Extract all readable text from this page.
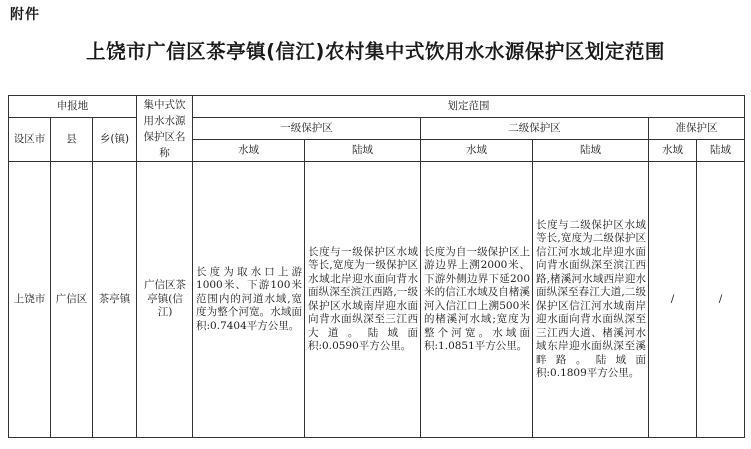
附件
上饶市广信区茶亭镇(信江)农村集中式饮用水水源保护区划定范围
申报地			集中式饮用水水源保护区名称	划定范围					
设区市	县	乡(镇)		一级保护区		二级保护区		准保护区	
				水域	陆域	水域	陆域	水域	陆域
上饶市	广信区	茶亭镇	广信区茶亭镇(信江)	长度为取水口上游1000米、下游100米范围内的河道水域,宽度为整个河宽。水域面积:0.7404平方公里。	长度与一级保护区水域等长,宽度为一级保护区水域北岸迎水面向背水面纵深至滨江西路,一级保护区水域南岸迎水面向背水面纵深至三江西大道。陆域面积:0.0590平方公里。	长度为自一级保护区上游边界上溯2000米、下游外侧边界下延200米的信江水域及自楮溪河入信江口上溯500米的楮溪河水域;宽度为整个河宽。水域面积:1.0851平方公里。	长度与二级保护区水域等长,宽度为二级保护区信江河水域北岸迎水面向背水面纵深至滨江西路,楮溪河水域西岸迎水面纵深至春江大道,二级保护区信江河水域南岸迎水面向背水面纵深至三江西大道、楮溪河水域东岸迎水面纵深至溪畔路。陆域面积:0.1809平方公里。	/	/
